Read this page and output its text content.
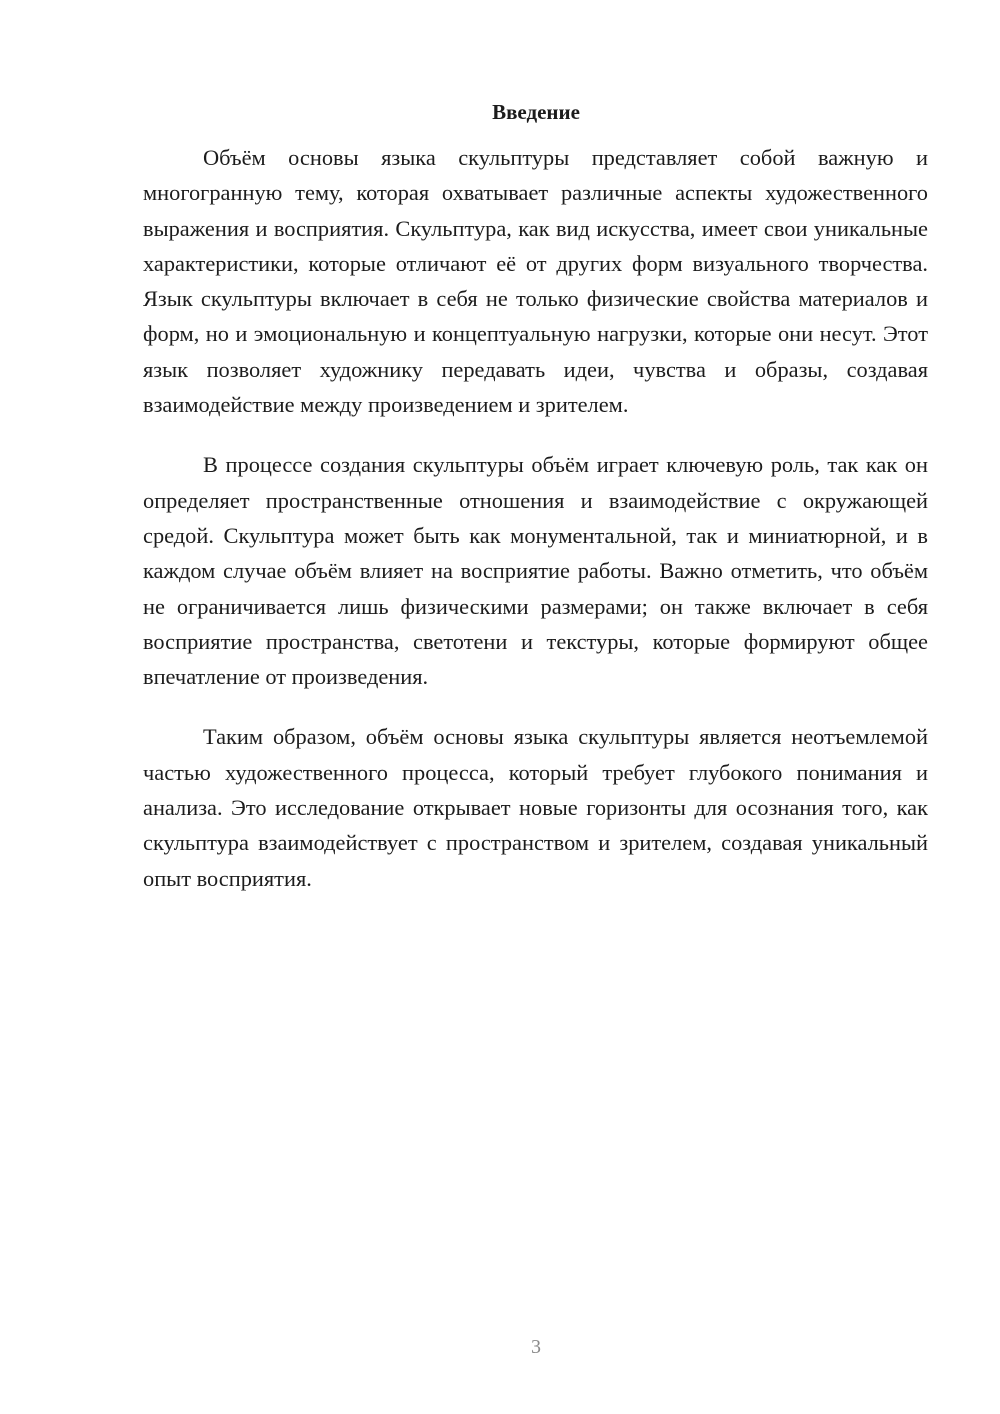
Введение

Объём основы языка скульптуры представляет собой важную и многогранную тему, которая охватывает различные аспекты художественного выражения и восприятия. Скульптура, как вид искусства, имеет свои уникальные характеристики, которые отличают её от других форм визуального творчества. Язык скульптуры включает в себя не только физические свойства материалов и форм, но и эмоциональную и концептуальную нагрузки, которые они несут. Этот язык позволяет художнику передавать идеи, чувства и образы, создавая взаимодействие между произведением и зрителем.

В процессе создания скульптуры объём играет ключевую роль, так как он определяет пространственные отношения и взаимодействие с окружающей средой. Скульптура может быть как монументальной, так и миниатюрной, и в каждом случае объём влияет на восприятие работы. Важно отметить, что объём не ограничивается лишь физическими размерами; он также включает в себя восприятие пространства, светотени и текстуры, которые формируют общее впечатление от произведения.

Таким образом, объём основы языка скульптуры является неотъемлемой частью художественного процесса, который требует глубокого понимания и анализа. Это исследование открывает новые горизонты для осознания того, как скульптура взаимодействует с пространством и зрителем, создавая уникальный опыт восприятия.

3
